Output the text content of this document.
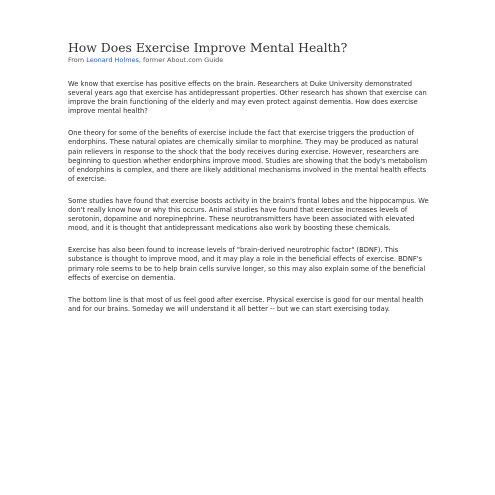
How Does Exercise Improve Mental Health?
From Leonard Holmes, former About.com Guide

We know that exercise has positive effects on the brain. Researchers at Duke University demonstrated several years ago that exercise has antidepressant properties. Other research has shown that exercise can improve the brain functioning of the elderly and may even protect against dementia. How does exercise improve mental health?

One theory for some of the benefits of exercise include the fact that exercise triggers the production of endorphins. These natural opiates are chemically similar to morphine. They may be produced as natural pain relievers in response to the shock that the body receives during exercise. However, researchers are beginning to question whether endorphins improve mood. Studies are showing that the body's metabolism of endorphins is complex, and there are likely additional mechanisms involved in the mental health effects of exercise.

Some studies have found that exercise boosts activity in the brain's frontal lobes and the hippocampus. We don't really know how or why this occurs. Animal studies have found that exercise increases levels of serotonin, dopamine and norepinephrine. These neurotransmitters have been associated with elevated mood, and it is thought that antidepressant medications also work by boosting these chemicals.

Exercise has also been found to increase levels of "brain-derived neurotrophic factor" (BDNF). This substance is thought to improve mood, and it may play a role in the beneficial effects of exercise. BDNF's primary role seems to be to help brain cells survive longer, so this may also explain some of the beneficial effects of exercise on dementia.

The bottom line is that most of us feel good after exercise. Physical exercise is good for our mental health and for our brains. Someday we will understand it all better -- but we can start exercising today.
